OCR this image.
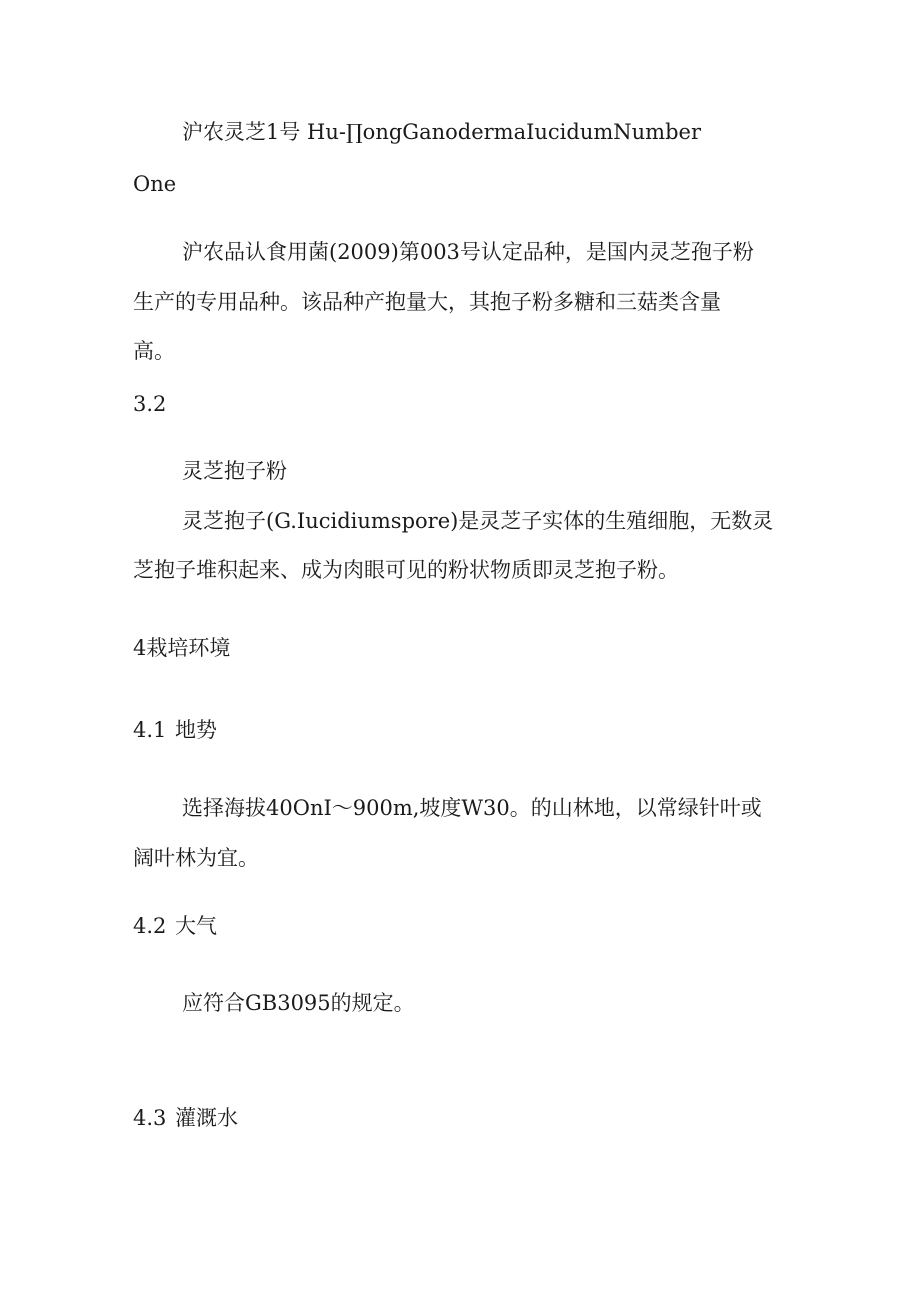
沪农灵芝1号 Hu-∏ongGanodermaIucidumNumber
One
沪农品认食用菌(2009)第003号认定品种，是国内灵芝孢子粉
生产的专用品种。该品种产抱量大，其抱子粉多糖和三菇类含量
高。
3.2
灵芝抱子粉
灵芝抱子(G.Iucidiumspore)是灵芝子实体的生殖细胞，无数灵
芝抱子堆积起来、成为肉眼可见的粉状物质即灵芝抱子粉。
4栽培环境
4.1 地势
选择海拔40OnI～900m,坡度W30。的山林地，以常绿针叶或
阔叶林为宜。
4.2 大气
应符合GB3095的规定。
4.3 灌溉水
